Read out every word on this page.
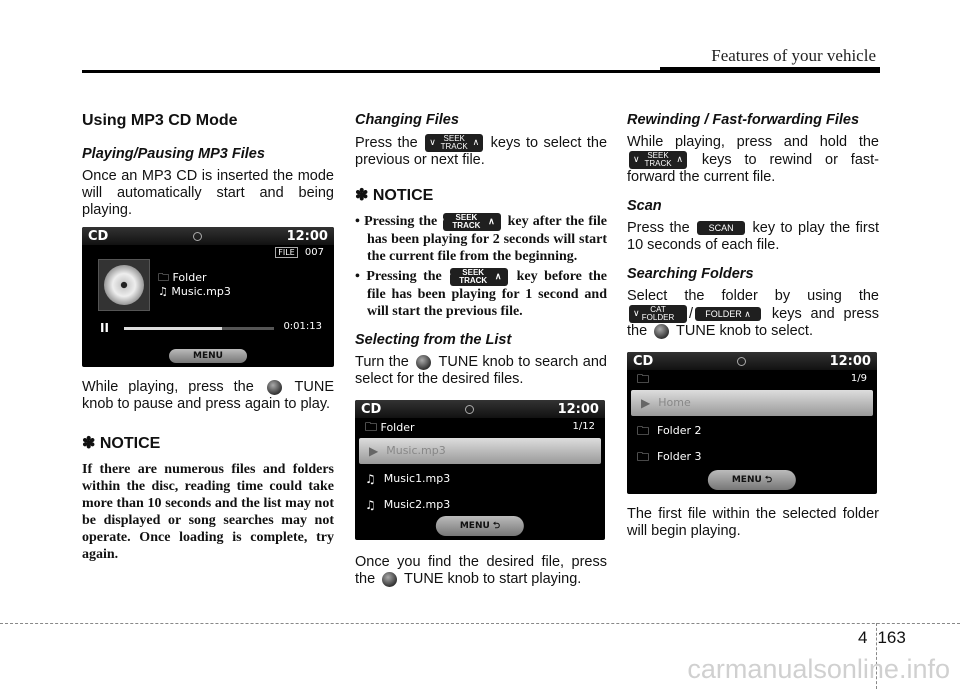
Features of your vehicle
Using MP3 CD Mode
Playing/Pausing MP3 Files

Once an MP3 CD is inserted the mode will automatically start and being playing.

CD	12:00
FILE 007
🗀 Folder
♫ Music.mp3
II	0:01:13
MENU

While playing, press the	TUNE knob to pause and press again to play.

✽ NOTICE
If there are numerous files and folders within the disc, reading time could take more than 10 seconds and the list may not be displayed or song searches may not operate. Once loading is complete, try again.
Changing Files

Press the ∨ SEEK
TRACK ∧ keys to select the previous or next file.

✽ NOTICE
• Pressing the ∨	SEEK
TRACK ∧ key after the file has been playing for 2 seconds will start the current file from the beginning.
• Pressing the ∨	SEEK
TRACK ∧ key before the file has been playing for 1 second and will start the previous file.
Selecting from the List

Turn the TUNE knob to search and select for the desired files.

CD	12:00
🗀 Folder	1/12
▶ Music.mp3
♫ Music1.mp3
♫ Music2.mp3
MENU ⮌

Once you find the desired file, press the TUNE knob to start playing.

Rewinding / Fast-forwarding Files

While playing, press and hold the
∨ SEEK
TRACK ∧ keys to rewind or fast-forward the current file.

Scan

Press the SCAN key to play the first 10 seconds of each file.

Searching Folders

Select the folder by using the
∨	CAT
FOLDER	/ FOLDER ∧ keys and press the TUNE knob to select.

CD	12:00
🗀	1/9
▶ Home
🗀 Folder 2
🗀 Folder 3
MENU ⮌

The first file within the selected folder will begin playing.

4 163
carmanualsonline.info
